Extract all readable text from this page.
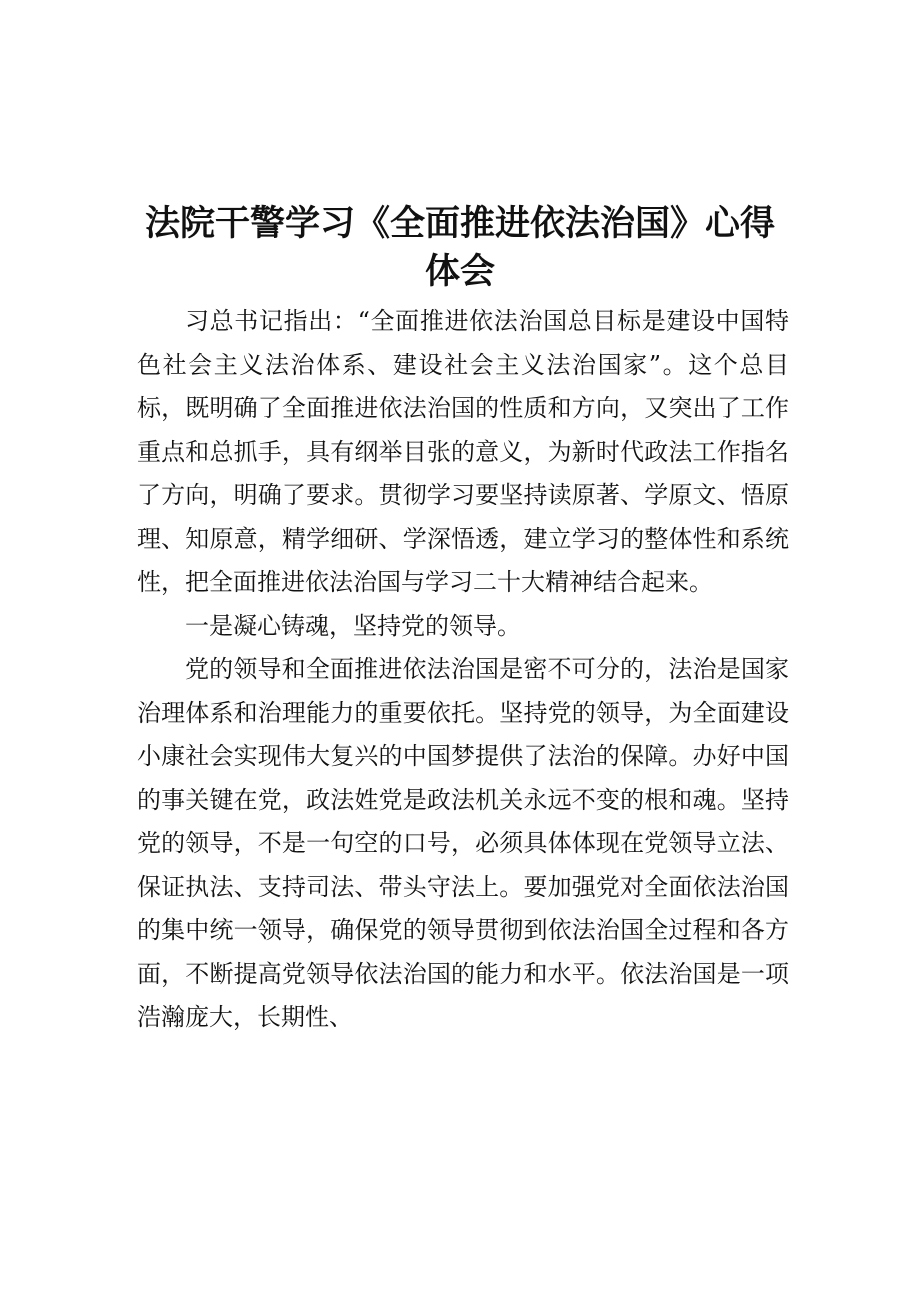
法院干警学习《全面推进依法治国》心得体会

习总书记指出：“全面推进依法治国总目标是建设中国特色社会主义法治体系、建设社会主义法治国家”。这个总目标，既明确了全面推进依法治国的性质和方向，又突出了工作重点和总抓手，具有纲举目张的意义，为新时代政法工作指名了方向，明确了要求。贯彻学习要坚持读原著、学原文、悟原理、知原意，精学细研、学深悟透，建立学习的整体性和系统性，把全面推进依法治国与学习二十大精神结合起来。

一是凝心铸魂，坚持党的领导。

党的领导和全面推进依法治国是密不可分的，法治是国家治理体系和治理能力的重要依托。坚持党的领导，为全面建设小康社会实现伟大复兴的中国梦提供了法治的保障。办好中国的事关键在党，政法姓党是政法机关永远不变的根和魂。坚持党的领导，不是一句空的口号，必须具体体现在党领导立法、保证执法、支持司法、带头守法上。要加强党对全面依法治国的集中统一领导，确保党的领导贯彻到依法治国全过程和各方面，不断提高党领导依法治国的能力和水平。依法治国是一项浩瀚庞大，长期性、
